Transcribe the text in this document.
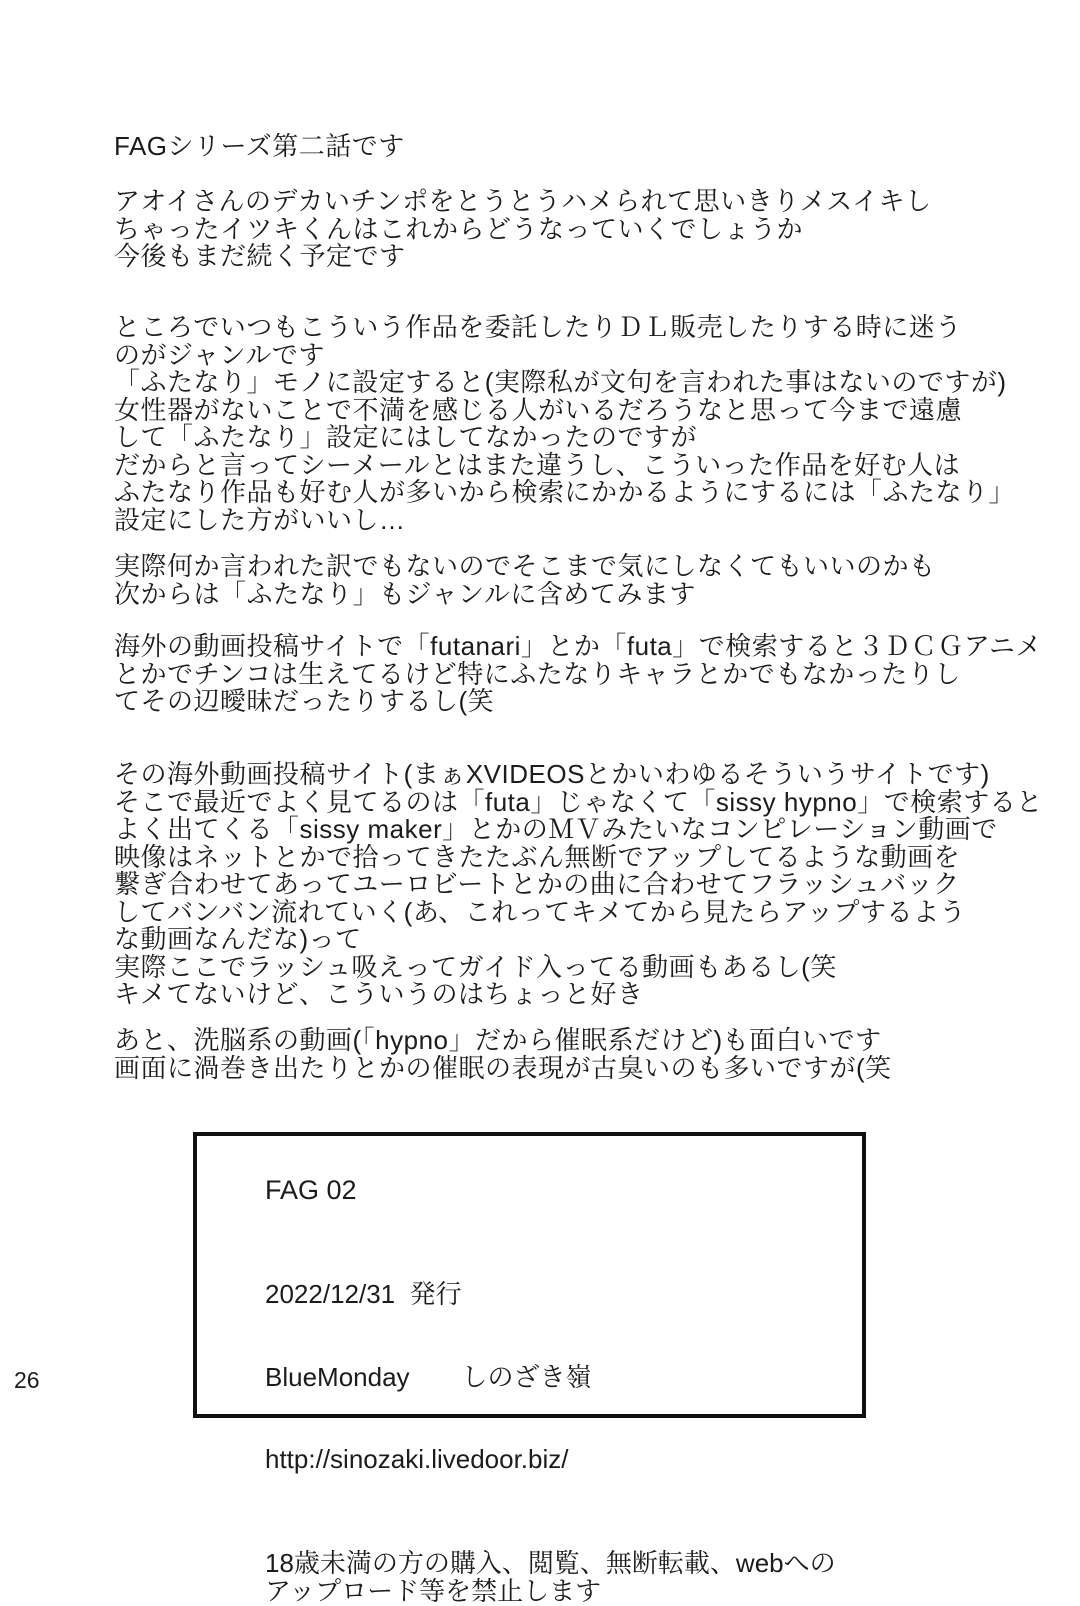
FAGシリーズ第二話です
アオイさんのデカいチンポをとうとうハメられて思いきりメスイキし
ちゃったイツキくんはこれからどうなっていくでしょうか
今後もまだ続く予定です
ところでいつもこういう作品を委託したりＤＬ販売したりする時に迷う
のがジャンルです
「ふたなり」モノに設定すると(実際私が文句を言われた事はないのですが)
女性器がないことで不満を感じる人がいるだろうなと思って今まで遠慮
して「ふたなり」設定にはしてなかったのですが
だからと言ってシーメールとはまた違うし、こういった作品を好む人は
ふたなり作品も好む人が多いから検索にかかるようにするには「ふたなり」
設定にした方がいいし…
実際何か言われた訳でもないのでそこまで気にしなくてもいいのかも
次からは「ふたなり」もジャンルに含めてみます
海外の動画投稿サイトで「futanari」とか「futa」で検索すると３ＤＣＧアニメ
とかでチンコは生えてるけど特にふたなりキャラとかでもなかったりし
てその辺曖昧だったりするし(笑
その海外動画投稿サイト(まぁXVIDEOSとかいわゆるそういうサイトです)
そこで最近でよく見てるのは「futa」じゃなくて「sissy hypno」で検索すると
よく出てくる「sissy maker」とかのＭＶみたいなコンピレーション動画で
映像はネットとかで拾ってきたたぶん無断でアップしてるような動画を
繋ぎ合わせてあってユーロビートとかの曲に合わせてフラッシュバック
してバンバン流れていく(あ、これってキメてから見たらアップするよう
な動画なんだな)って
実際ここでラッシュ吸えってガイド入ってる動画もあるし(笑
キメてないけど、こういうのはちょっと好き
あと、洗脳系の動画(「hypno」だから催眠系だけど)も面白いです
画面に渦巻き出たりとかの催眠の表現が古臭いのも多いですが(笑
FAG 02

2022/12/31  発行

BlueMonday　　しのざき嶺

http://sinozaki.livedoor.biz/

18歳未満の方の購入、閲覧、無断転載、webへの
アップロード等を禁止します
26
